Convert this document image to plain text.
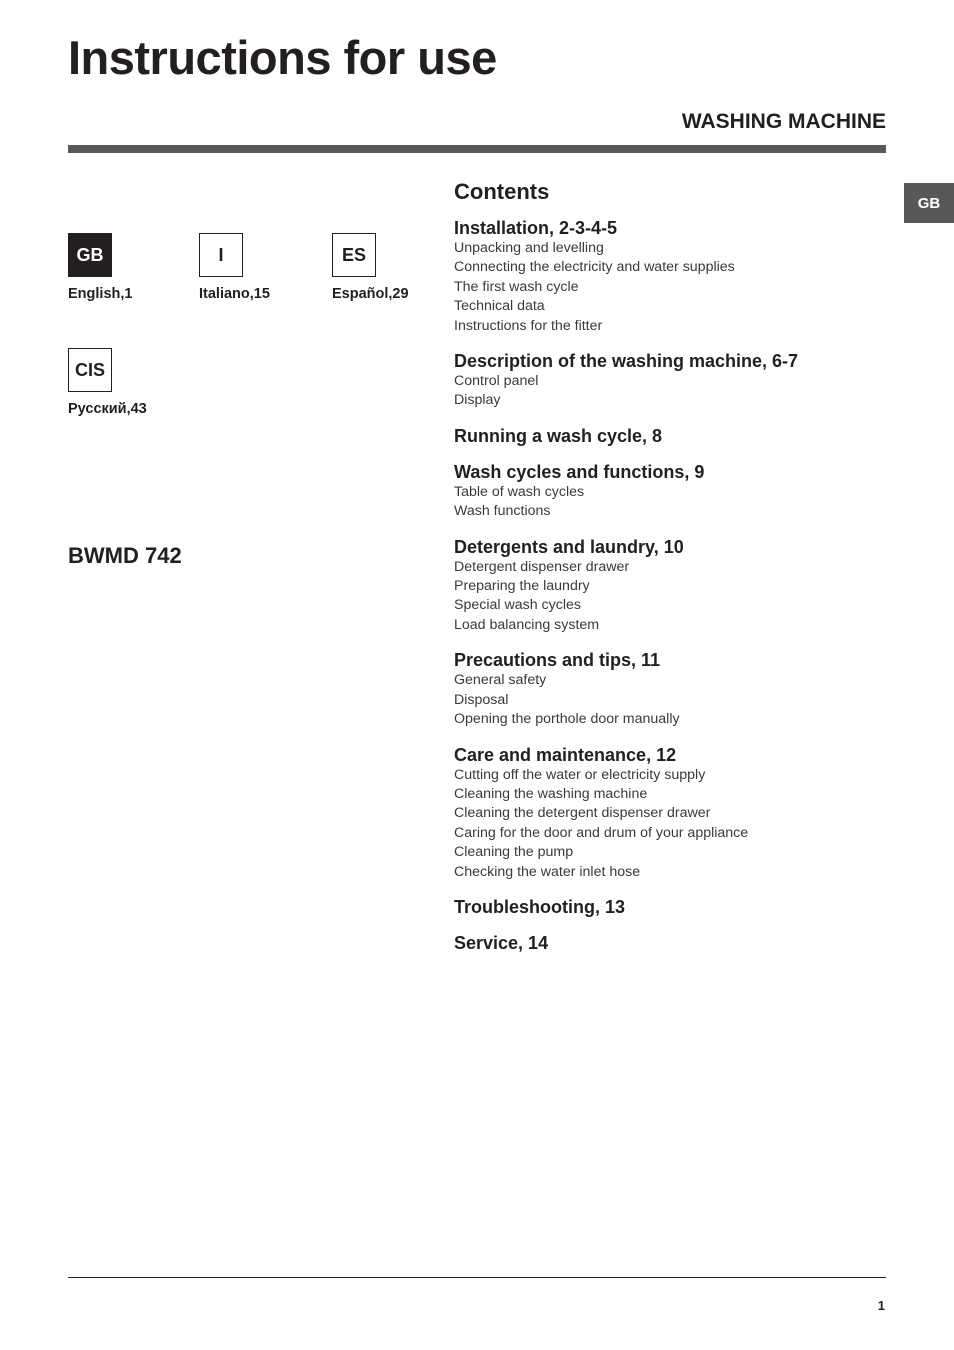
Instructions for use
WASHING MACHINE
GB
GB
English,1
I
Italiano,15
ES
Español,29
CIS
Русский,43
BWMD 742
Contents
Installation, 2-3-4-5
Unpacking and levelling
Connecting the electricity and water supplies
The first wash cycle
Technical data
Instructions for the fitter
Description of the washing machine, 6-7
Control panel
Display
Running a wash cycle, 8
Wash cycles and functions, 9
Table of wash cycles
Wash functions
Detergents and laundry, 10
Detergent dispenser drawer
Preparing the laundry
Special wash cycles
Load balancing system
Precautions and tips, 11
General safety
Disposal
Opening the porthole door manually
Care and maintenance, 12
Cutting off the water or electricity supply
Cleaning the washing machine
Cleaning the detergent dispenser drawer
Caring for the door and drum of your appliance
Cleaning the pump
Checking the water inlet hose
Troubleshooting, 13
Service, 14
1
